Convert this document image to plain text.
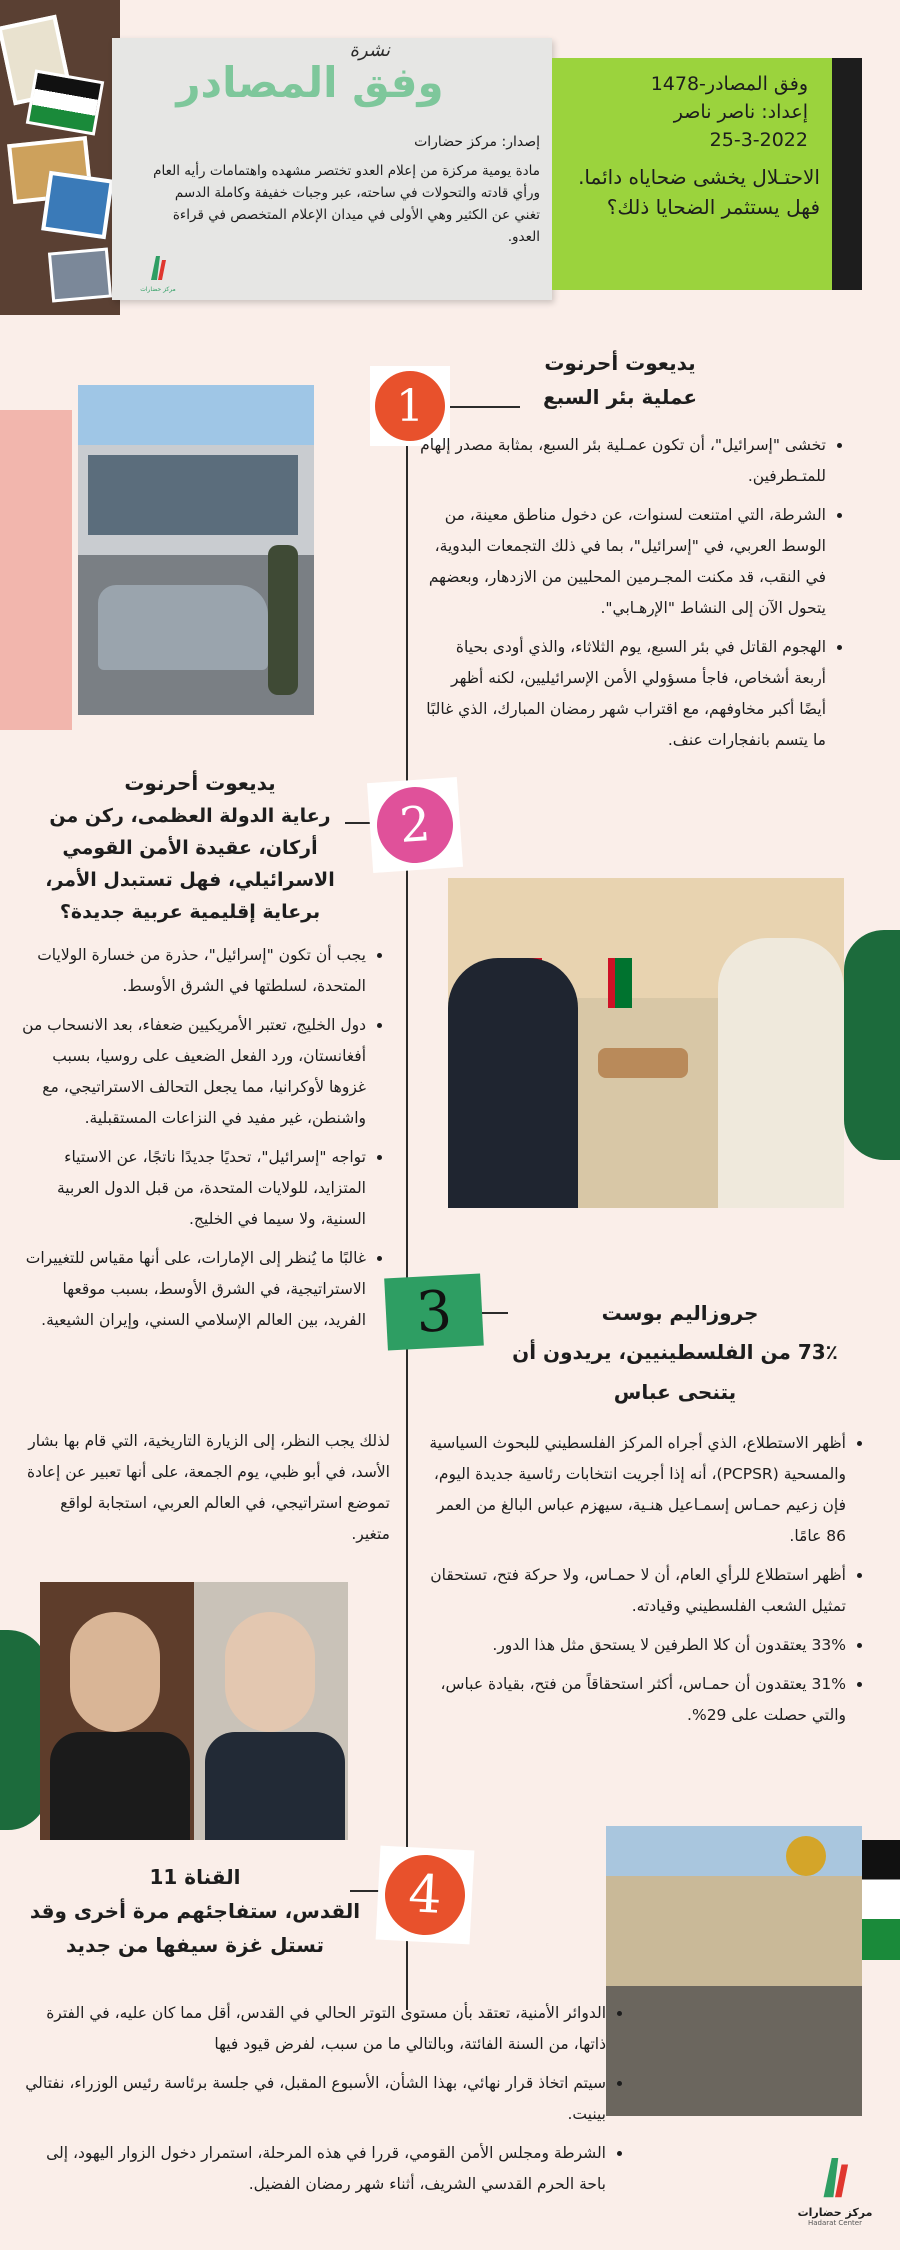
نشرة
وفق المصادر
إصدار: مركز حضارات
مادة يومية مركزة من إعلام العدو تختصر مشهده واهتمامات رأيه العام ورأي قادته والتحولات في ساحته، عبر وجبات خفيفة وكاملة الدسم تغني عن الكثير وهي الأولى في ميدان الإعلام المتخصص في قراءة العدو.
مركز حضارات
وفق المصادر-1478
إعداد: ناصر ناصر
25-3-2022
الاحتـلال يخشى ضحاياه دائما. فهل يستثمر الضحايا ذلك؟
يديعوت أحرنوت
عملية بئر السبع
1
• تخشى "إسرائيل"، أن تكون عمـلية بئر السبع، بمثابة مصدر إلهام للمتـطرفين.
• الشرطة، التي امتنعت لسنوات، عن دخول مناطق معينة، من الوسط العربي، في "إسرائيل"، بما في ذلك التجمعات البدوية، في النقب، قد مكنت المجـرمين المحليين من الازدهار، وبعضهم يتحول الآن إلى النشاط "الإرهـابي".
• الهجوم القاتل في بئر السبع، يوم الثلاثاء، والذي أودى بحياة أربعة أشخاص، فاجأ مسؤولي الأمن الإسرائيليين، لكنه أظهر أيضًا أكبر مخاوفهم، مع اقتراب شهر رمضان المبارك، الذي غالبًا ما يتسم بانفجارات عنف.
يديعوت أحرنوت
رعاية الدولة العظمى، ركن من أركان، عقيدة الأمن القومي الاسرائيلي، فهل تستبدل الأمر، برعاية إقليمية عربية جديدة؟
2
• يجب أن تكون "إسرائيل"، حذرة من خسارة الولايات المتحدة، لسلطتها في الشرق الأوسط.
• دول الخليج، تعتبر الأمريكيين ضعفاء، بعد الانسحاب من أفغانستان، ورد الفعل الضعيف على روسيا، بسبب غزوها لأوكرانيا، مما يجعل التحالف الاستراتيجي، مع واشنطن، غير مفيد في النزاعات المستقبلية.
• تواجه "إسرائيل"، تحديًا جديدًا ناتجًا، عن الاستياء المتزايد، للولايات المتحدة، من قبل الدول العربية السنية، ولا سيما في الخليج.
• غالبًا ما يُنظر إلى الإمارات، على أنها مقياس للتغييرات الاستراتيجية، في الشرق الأوسط، بسبب موقعها الفريد، بين العالم الإسلامي السني، وإيران الشيعية.

لذلك يجب النظر، إلى الزيارة التاريخية، التي قام بها بشار الأسد، في أبو ظبي، يوم الجمعة، على أنها تعبير عن إعادة تموضع استراتيجي، في العالم العربي، استجابة لواقع متغير.

3	جروزاليم بوست
73٪ من الفلسطينيين، يريدون أن يتنحى عباس
• أظهر الاستطلاع، الذي أجراه المركز الفلسطيني للبحوث السياسية والمسحية (PCPSR)، أنه إذا أجريت انتخابات رئاسية جديدة اليوم، فإن زعيم حمـاس إسمـاعيل هنـية، سيهزم عباس البالغ من العمر 86 عامًا.
• أظهر استطلاع للرأي العام، أن لا حمـاس، ولا حركة فتح، تستحقان تمثيل الشعب الفلسطيني وقيادته.
• 33% يعتقدون أن كلا الطرفين لا يستحق مثل هذا الدور.
• 31% يعتقدون أن حمـاس، أكثر استحقاقاً من فتح، بقيادة عباس، والتي حصلت على 29%.
القناة 11
القدس، ستفاجئهم مرة أخرى وقد تستل غزة سيفها من جديد
4
• الدوائر الأمنية، تعتقد بأن مستوى التوتر الحالي في القدس، أقل مما كان عليه، في الفترة ذاتها، من السنة الفائتة، وبالتالي ما من سبب، لفرض قيود فيها
• سيتم اتخاذ قرار نهائي، بهذا الشأن، الأسبوع المقبل، في جلسة برئاسة رئيس الوزراء، نفتالي بينيت.
• الشرطة ومجلس الأمن القومي، قررا في هذه المرحلة، استمرار دخول الزوار اليهود، إلى باحة الحرم القدسي الشريف، أثناء شهر رمضان الفضيل.
مركز حضارات
Hadarat Center
